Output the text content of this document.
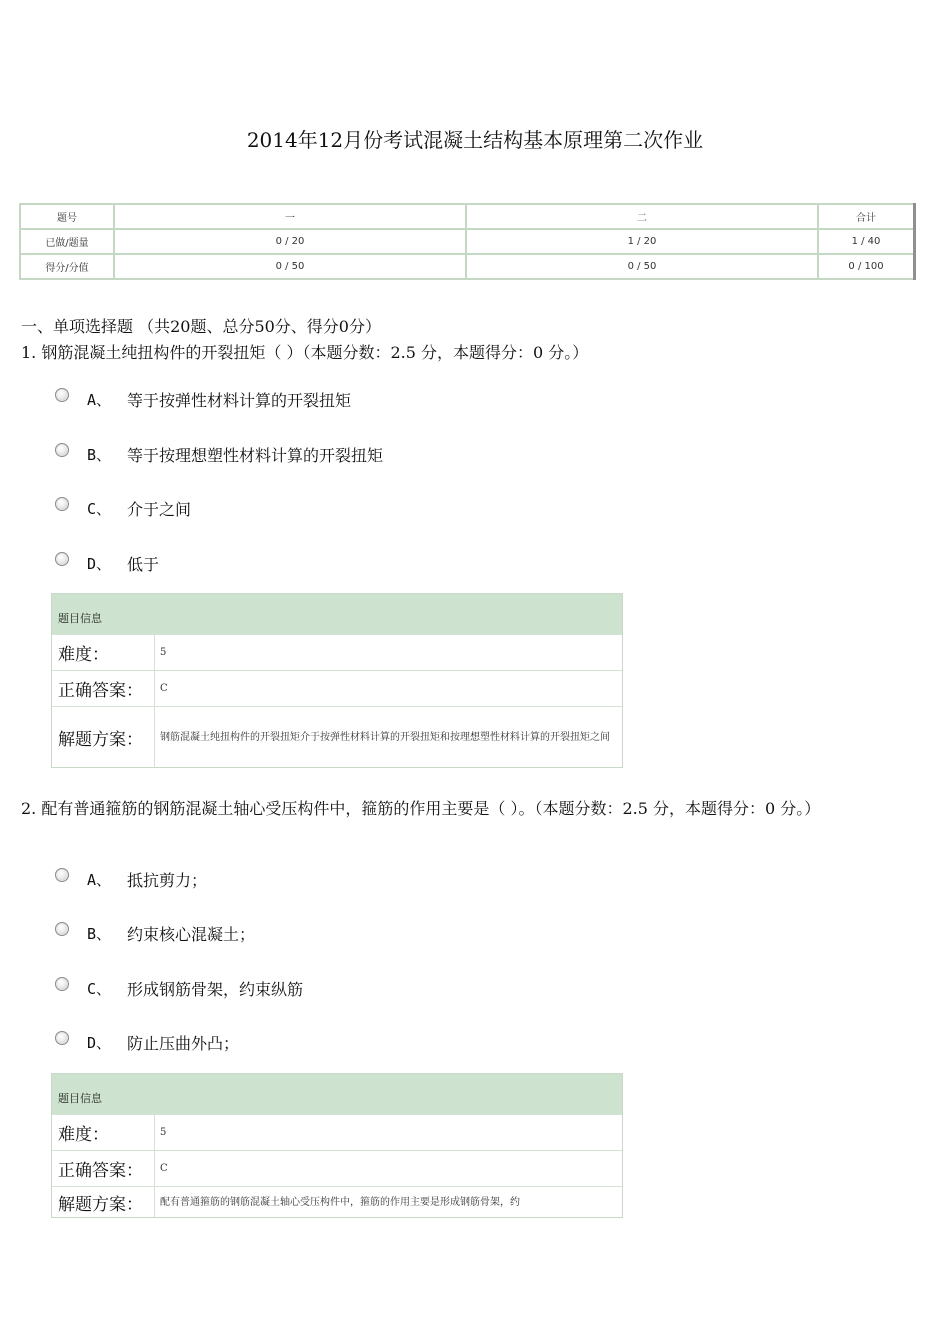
2014年12月份考试混凝土结构基本原理第二次作业
题号	一	二	合计
已做/题量	0 / 20	1 / 20	1 / 40
得分/分值	0 / 50	0 / 50	0 / 100
一、单项选择题 （共20题、总分50分、得分0分）
1. 钢筋混凝土纯扭构件的开裂扭矩（ ）（本题分数：2.5 分，本题得分：0 分。）
A、 等于按弹性材料计算的开裂扭矩
B、 等于按理想塑性材料计算的开裂扭矩
C、 介于之间
D、 低于
题目信息
难度：	5
正确答案：	C
解题方案：	钢筋混凝土纯扭构件的开裂扭矩介于按弹性材料计算的开裂扭矩和按理想塑性材料计算的开裂扭矩之间
2. 配有普通箍筋的钢筋混凝土轴心受压构件中，箍筋的作用主要是（ ）。（本题分数：2.5 分，本题得分：0 分。）
A、 抵抗剪力；
B、 约束核心混凝土；
C、 形成钢筋骨架，约束纵筋
D、 防止压曲外凸；
题目信息
难度：	5
正确答案：	C
解题方案：	配有普通箍筋的钢筋混凝土轴心受压构件中，箍筋的作用主要是形成钢筋骨架，约
